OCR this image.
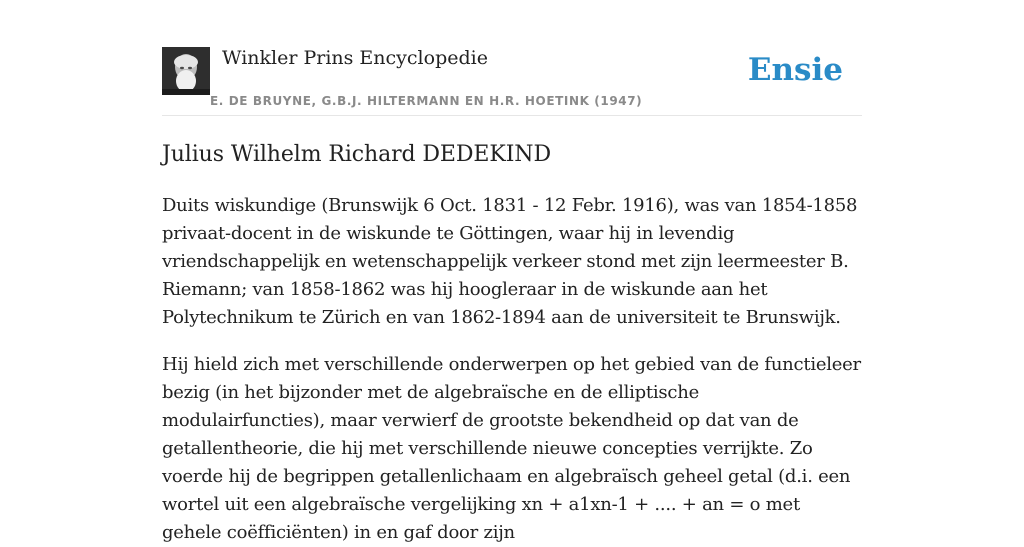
Winkler Prins Encyclopedie
E. DE BRUYNE, G.B.J. HILTERMANN EN H.R. HOETINK (1947)
Ensie
Julius Wilhelm Richard DEDEKIND

Duits wiskundige (Brunswijk 6 Oct. 1831 - 12 Febr. 1916), was van 1854-1858 privaat-docent in de wiskunde te Göttingen, waar hij in levendig vriendschappelijk en wetenschappelijk verkeer stond met zijn leermeester B. Riemann; van 1858-1862 was hij hoogleraar in de wiskunde aan het Polytechnikum te Zürich en van 1862-1894 aan de universiteit te Brunswijk.

Hij hield zich met verschillende onderwerpen op het gebied van de functieleer bezig (in het bijzonder met de algebraïsche en de elliptische modulairfuncties), maar verwierf de grootste bekendheid op dat van de getallentheorie, die hij met verschillende nieuwe concepties verrijkte. Zo voerde hij de begrippen getallenlichaam en algebraïsch geheel getal (d.i. een wortel uit een algebraïsche vergelijking xn + a1xn-1 + .... + an = o met gehele coëfficiënten) in en gaf door zijn
